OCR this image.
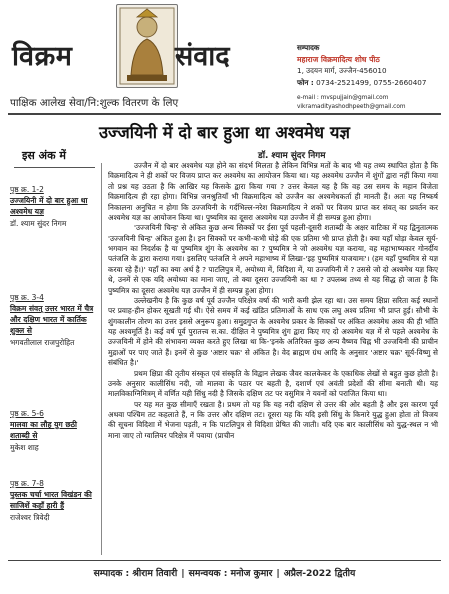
विक्रम	संवाद
पाक्षिक आलेख सेवा/नि:शुल्क वितरण के लिए
सम्पादक
महाराज विक्रमादित्य शोध पीठ
1, उदयन मार्ग, उज्जैन-456010
फोन : 0734-2521499, 0755-2660407
e-mail : mvspujjain@gmail.com
vikramadityashodhpeeth@gmail.com
उज्जयिनी में दो बार हुआ था अश्वमेध यज्ञ
डॉ. श्याम सुंदर निगम
इस अंक में
पृष्ठ क्र. 1-2
उज्जयिनी में दो बार हुआ था अश्वमेध यज्ञ
डॉ. श्याम सुंदर निगम
पृष्ठ क्र. 3-4
विक्रम संवत्‌ उत्तर भारत में चैत्र और दक्षिण भारत में कार्तिक शुक्ल से
भगवतीलाल राजपुरोहित
पृष्ठ क्र. 5-6
मालवा का लौह युग छठी शताब्दी से
मुकेश शाह
पृष्ठ क्र. 7-8
पुस्तक चर्चा भारत विखंडन की साजिशें कहाँ हारी हैं
राजेश्वर त्रिवेदी

उज्जैन में दो बार अश्वमेध यज्ञ होने का संदर्भ मिलता है लेकिन विभिन्न मतों के बाद भी यह तथ्य स्थापित होता है कि विक्रमादित्य ने ही शकों पर विजय प्राप्त कर अश्वमेध का आयोजन किया था। यह अश्वमेध उज्जैन में शुंगों द्वारा नहीं किया गया तो प्रश्न यह उठता है कि आखिर यह किसके द्वारा किया गया ? उत्तर केवल यह है कि वह उस समय के महान विजेता विक्रमादित्य ही रहा होगा। विभिन्न जनश्रुतियाँ भी विक्रमादित्य को उज्जैन का अश्वमेधकर्ता ही मानती हैं। अतः यह निष्कर्ष निकालना अनुचित न होगा कि उज्जयिनी के गर्दभिल्ल-नरेश विक्रमादित्य ने शकों पर विजय प्राप्त कर संवत्‌ का प्रवर्तन कर अश्वमेध यज्ञ का आयोजन किया था। पुष्यमित्र का दूसरा अश्वमेध यज्ञ उज्जैन में ही सम्पन्न हुआ होगा।

'उज्जयिनी चिन्ह' से अंकित कुछ अन्य सिक्कों पर ईसा पूर्व पहली-दूसरी शताब्दी के अक्षर वाटिका में यह द्विनुतात्मक 'उज्जयिनी चिन्ह' अंकित हुआ है। इन सिक्कों पर कभी-कभी घोड़े की एक प्रतिमा भी प्राप्त होती है। क्या यहाँ घोड़ा केवल सूर्य-भगवान का निदर्शक है या पुष्यमित्र शुंग के अश्वमेध का ? पुष्यमित्र ने जो अश्वमेध यज्ञ कराया, वह महाभाष्यकार गोनर्दीय पतंजलि के द्वारा कराया गया। इसलिए पतंजलि ने अपने महाभाष्य में लिखा-'इह पुष्यमित्रं याजयामः'। (हम यहाँ पुष्यमित्र से यज्ञ करवा रहे हैं।)' यहाँ का क्या अर्थ है ? पाटलिपुत्र में, अयोध्या में, विदिशा में, या उज्जयिनी में ? उससे जो दो अश्वमेध यज्ञ किए थे, उनमें से एक यदि अयोध्या का माना जाए, तो क्या दूसरा उज्जयिनी का था ? उपलब्ध तथ्य से यह सिद्ध हो जाता है कि पुष्यमित्र का दूसरा अश्वमेध यज्ञ उज्जैन में ही सम्पन्न हुआ होगा।

उल्लेखनीय है कि कुछ वर्ष पूर्व उज्जैन परिक्षेत्र वर्षा की भारी कमी झेल रहा था। उस समय क्षिप्रा सरिता कई स्थानों पर प्रवाह-हीन होकर सूखती गई थी। ऐसे समय में कई खंडित प्रतिमाओं के साथ एक लघु अश्व प्रतिमा भी प्राप्त हुई। सौभी के शुंगकालीन तोरण का उत्तर इससे अनुरूप हुआ। समुद्रगुप्त के अश्वमेध प्रकार के सिक्कों पर अंकित अश्वमेध अश्व की ही भाँति यह अश्वमूर्ति है। कई वर्ष पूर्व पुरातत्त्व स.का. दीक्षित ने पुष्यमित्र शुंग द्वारा किए गए दो अश्वमेध यज्ञ में से पहले अश्वमेध के उज्जयिनी में होने की संभावना व्यक्त करते हुए लिखा था कि-'इनके अतिरिक्त कुछ अन्य वैष्णव चिह्न भी उज्जयिनी की प्राचीन मुद्राओं पर पाए जाते हैं। इनमें से कुछ 'अष्टार चक्र' से अंकित है। वेद ब्राह्मण ग्रंथ आदि के अनुसार 'अष्टार चक्र' सूर्य-विष्णु से संबंधित है।'

प्रथम क्षिप्रा की तृतीय संस्कृत एवं संस्कृति के विद्वान लेखक जैवर कालकेकर के एकाधिक लेखों से बहुत कुछ होती है। उनके अनुसार कालीसिंध नदी, जो मालवा के पठार पर बहती है, दशार्ण एवं अवंती प्रदेशों की सीमा बनाती थी। यह मालविकाग्निमित्रम्‌ में वर्णित यही सिंधु नदी है जिसके दक्षिण तट पर वसुमित्र ने यवनों को पराजित किया था।

पर यह मत कुछ सीमाएँ रखता है। प्रथम तो यह कि यह नदी दक्षिण से उत्तर की ओर बहती है और इस कारण पूर्व अथवा पश्चिम तट कहलाते हैं, न कि उत्तर और दक्षिण तट। दूसरा यह कि यदि इसी सिंधु के किनारे युद्ध हुआ होता तो विजय की सूचना विदिशा में भेजना पड़ती, न कि पाटलिपुत्र से विदिशा प्रेषित की जाती। यदि एक बार कालीसिंध को युद्ध-स्थल न भी माना जाए तो ग्वालियर परिक्षेत्र में पवाया (प्राचीन

सम्पादक : श्रीराम तिवारी | समन्वयक : मनोज कुमार | अप्रैल-2022 द्वितीय
